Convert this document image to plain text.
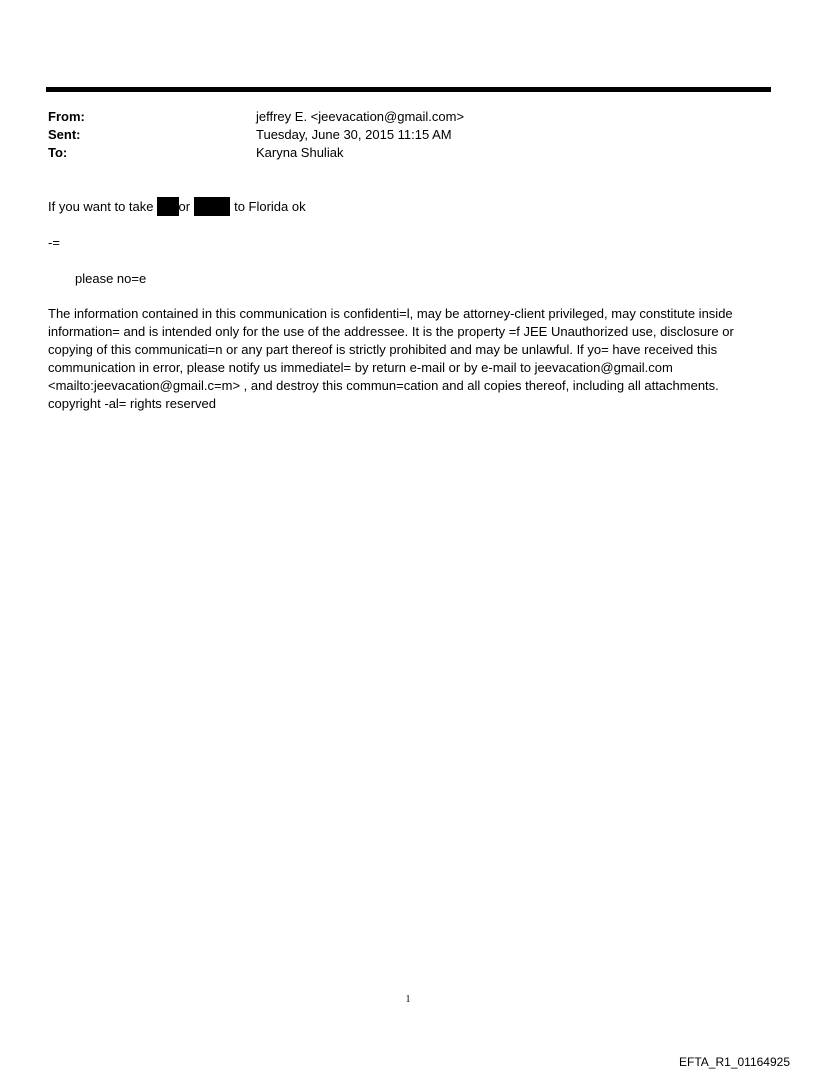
From:	jeffrey E. <jeevacation@gmail.com>
Sent:	Tuesday, June 30, 2015 11:15 AM
To:	Karyna Shuliak
If you want to take or	to Florida ok
-=
please no=e
The information contained in this communication is confidenti=l, may be attorney-client privileged, may constitute inside information= and is intended only for the use of the addressee. It is the property =f JEE Unauthorized use, disclosure or copying of this communicati=n or any part thereof is strictly prohibited and may be unlawful. If yo= have received this communication in error, please notify us immediatel= by return e-mail or by e-mail to jeevacation@gmail.com <mailto:jeevacation@gmail.c=m> , and destroy this commun=cation and all copies thereof, including all attachments. copyright -al= rights reserved
1
EFTA_R1_01164925
